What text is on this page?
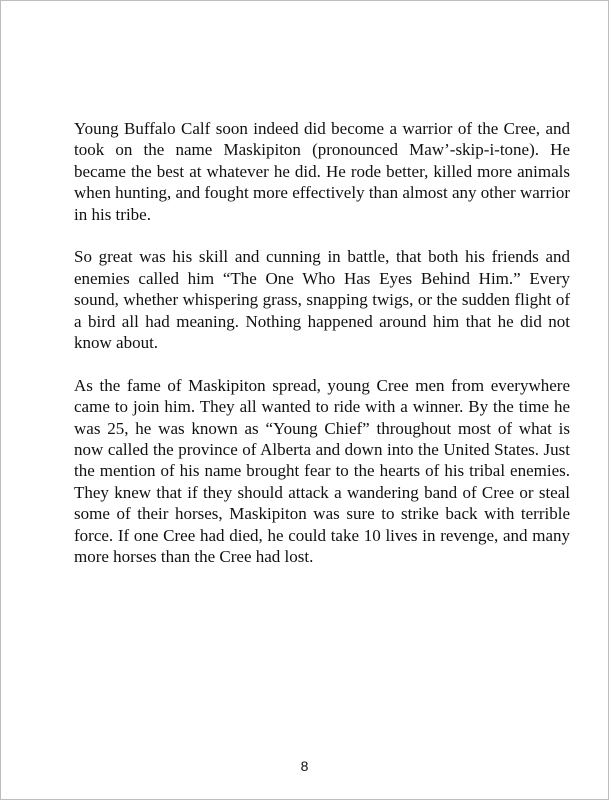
Young Buffalo Calf soon indeed did become a warrior of the Cree, and took on the name Maskipiton (pronounced Maw’-skip-i-tone). He became the best at whatever he did. He rode better, killed more animals when hunting, and fought more effectively than almost any other warrior in his tribe.

So great was his skill and cunning in battle, that both his friends and enemies called him “The One Who Has Eyes Behind Him.” Every sound, whether whispering grass, snapping twigs, or the sudden flight of a bird all had meaning. Nothing happened around him that he did not know about.

As the fame of Maskipiton spread, young Cree men from everywhere came to join him. They all wanted to ride with a winner. By the time he was 25, he was known as “Young Chief” throughout most of what is now called the province of Alberta and down into the United States. Just the mention of his name brought fear to the hearts of his tribal enemies. They knew that if they should attack a wandering band of Cree or steal some of their horses, Maskipiton was sure to strike back with terrible force. If one Cree had died, he could take 10 lives in revenge, and many more horses than the Cree had lost.

8
